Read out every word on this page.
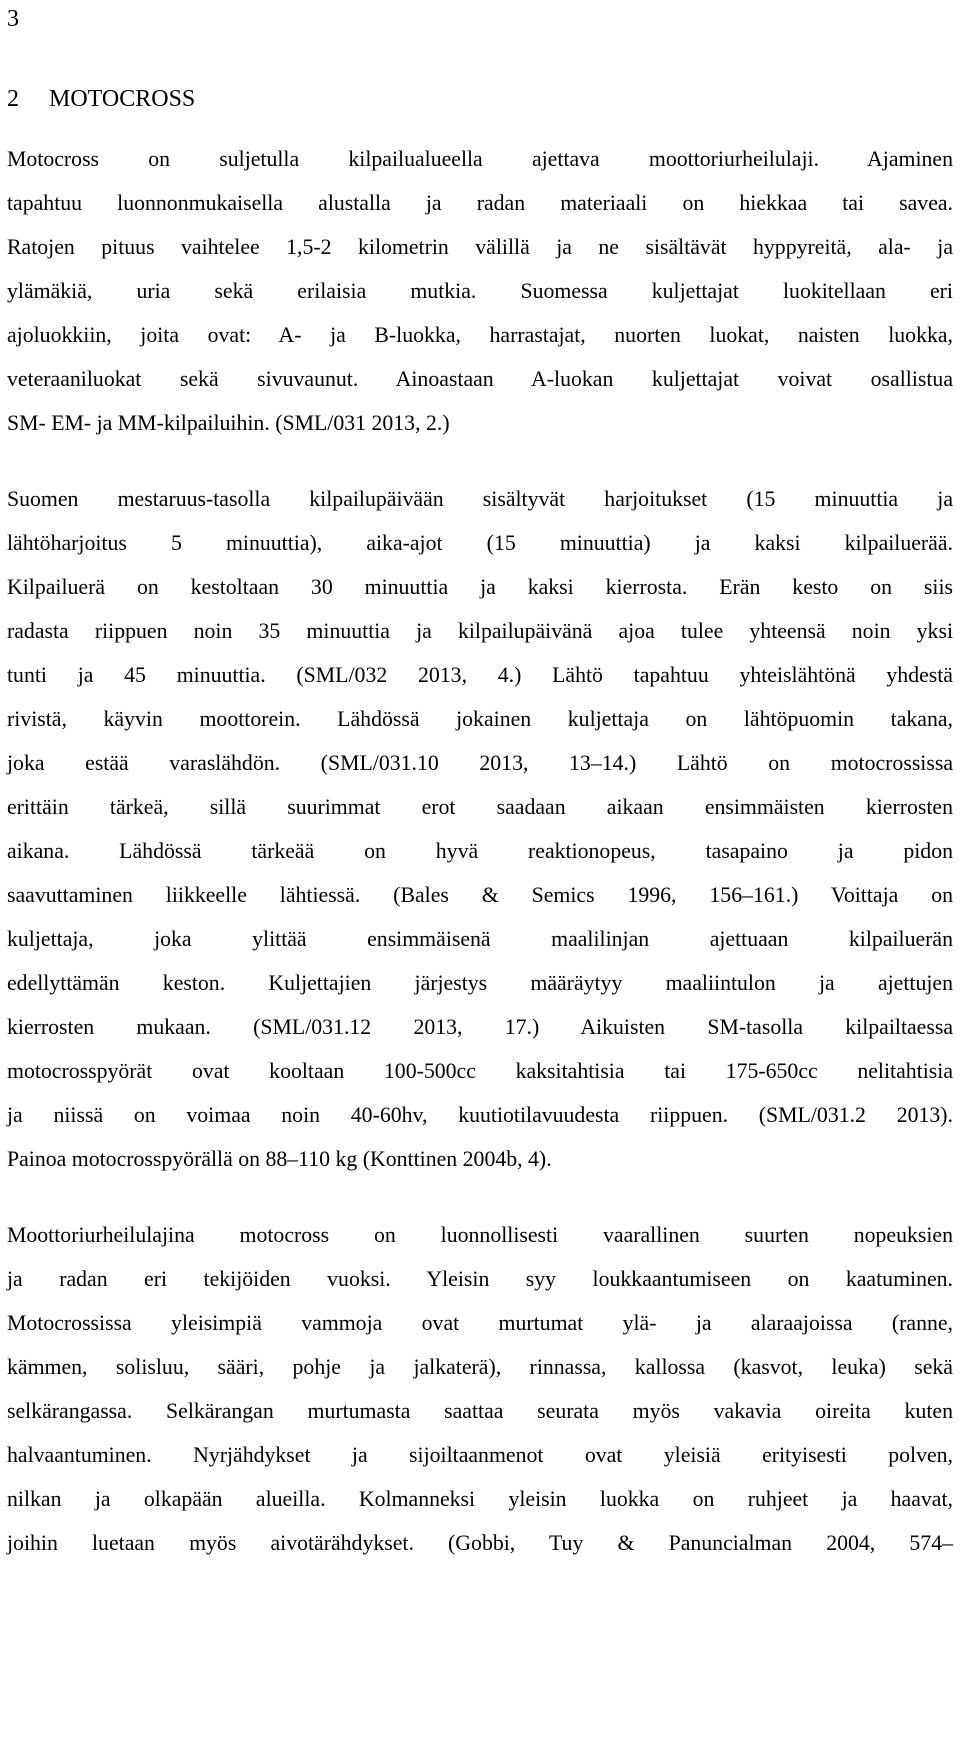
3
2 MOTOCROSS
Motocross on suljetulla kilpailualueella ajettava moottoriurheilulaji. Ajaminen
tapahtuu luonnonmukaisella alustalla ja radan materiaali on hiekkaa tai savea.
Ratojen pituus vaihtelee 1,5-2 kilometrin välillä ja ne sisältävät hyppyreitä, ala- ja
ylämäkiä, uria sekä erilaisia mutkia. Suomessa kuljettajat luokitellaan eri
ajoluokkiin, joita ovat: A- ja B-luokka, harrastajat, nuorten luokat, naisten luokka,
veteraaniluokat sekä sivuvaunut. Ainoastaan A-luokan kuljettajat voivat osallistua
SM- EM- ja MM-kilpailuihin. (SML/031 2013, 2.)
Suomen mestaruus-tasolla kilpailupäivään sisältyvät harjoitukset (15 minuuttia ja
lähtöharjoitus 5 minuuttia), aika-ajot (15 minuuttia) ja kaksi kilpailuerää.
Kilpailuerä on kestoltaan 30 minuuttia ja kaksi kierrosta. Erän kesto on siis
radasta riippuen noin 35 minuuttia ja kilpailupäivänä ajoa tulee yhteensä noin yksi
tunti ja 45 minuuttia. (SML/032 2013, 4.) Lähtö tapahtuu yhteislähtönä yhdestä
rivistä, käyvin moottorein. Lähdössä jokainen kuljettaja on lähtöpuomin takana,
joka estää varaslähdön. (SML/031.10 2013, 13–14.) Lähtö on motocrossissa
erittäin tärkeä, sillä suurimmat erot saadaan aikaan ensimmäisten kierrosten
aikana. Lähdössä tärkeää on hyvä reaktionopeus, tasapaino ja pidon
saavuttaminen liikkeelle lähtiessä. (Bales & Semics 1996, 156–161.) Voittaja on
kuljettaja, joka ylittää ensimmäisenä maalilinjan ajettuaan kilpailuerän
edellyttämän keston. Kuljettajien järjestys määräytyy maaliintulon ja ajettujen
kierrosten mukaan. (SML/031.12 2013, 17.) Aikuisten SM-tasolla kilpailtaessa
motocrosspyörät ovat kooltaan 100-500cc kaksitahtisia tai 175-650cc nelitahtisia
ja niissä on voimaa noin 40-60hv, kuutiotilavuudesta riippuen. (SML/031.2 2013).
Painoa motocrosspyörällä on 88–110 kg (Konttinen 2004b, 4).
Moottoriurheilulajina motocross on luonnollisesti vaarallinen suurten nopeuksien
ja radan eri tekijöiden vuoksi. Yleisin syy loukkaantumiseen on kaatuminen.
Motocrossissa yleisimpiä vammoja ovat murtumat ylä- ja alaraajoissa (ranne,
kämmen, solisluu, sääri, pohje ja jalkaterä), rinnassa, kallossa (kasvot, leuka) sekä
selkärangassa. Selkärangan murtumasta saattaa seurata myös vakavia oireita kuten
halvaantuminen. Nyrjähdykset ja sijoiltaanmenot ovat yleisiä erityisesti polven,
nilkan ja olkapään alueilla. Kolmanneksi yleisin luokka on ruhjeet ja haavat,
joihin luetaan myös aivotärähdykset. (Gobbi, Tuy & Panuncialman 2004, 574–
